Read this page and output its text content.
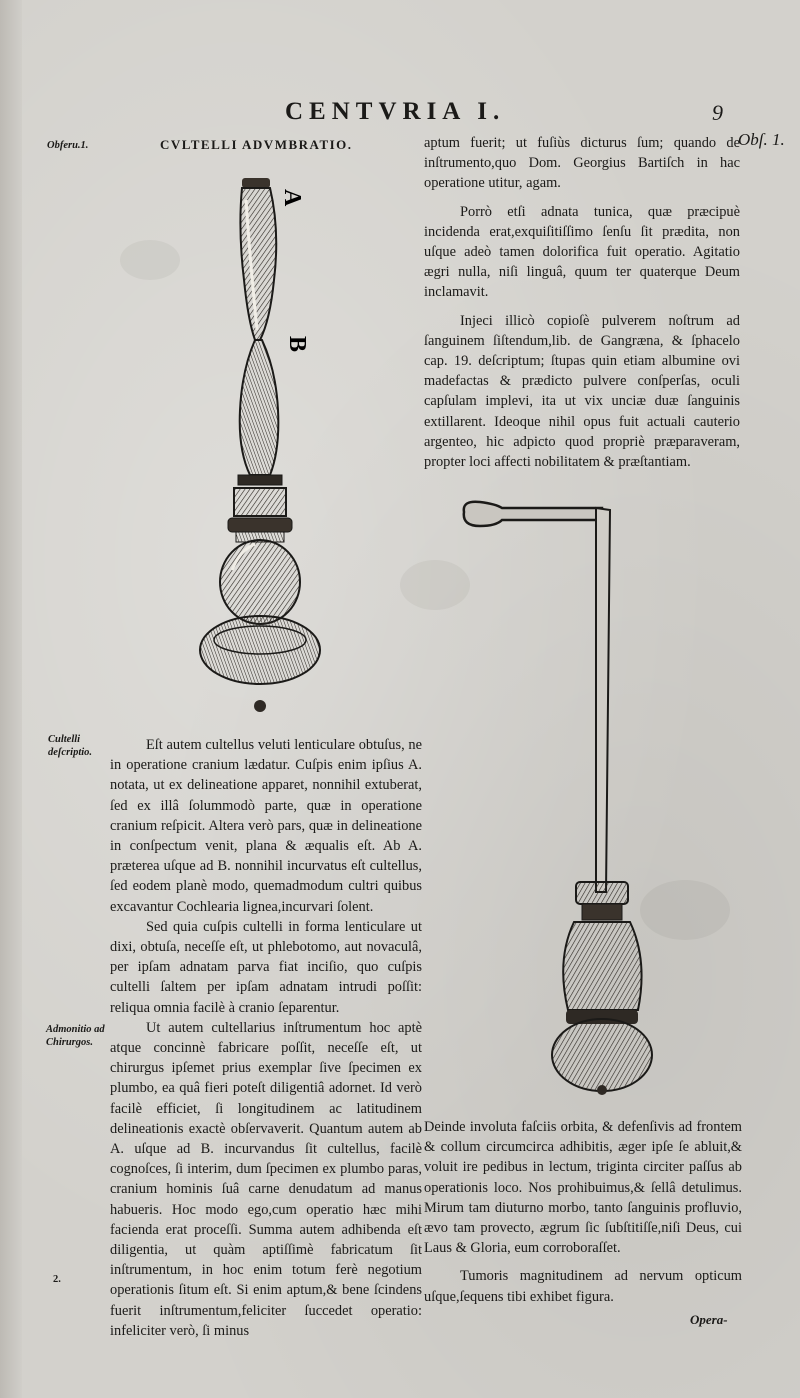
CENTVRIA I.	9
CVLTELLI ADVMBRATIO.
Obferu.1.	Obſ. 1.
Cultelli deſcriptio.
Admonitio ad Chirurgos.
2.
A
B

aptum fuerit; ut fuſiùs dicturus ſum; quando de inſtrumento,quo Dom. Georgius Bartiſch in hac operatione utitur, agam.

Porrò etſi adnata tunica, quæ præcipuè incidenda erat,exquiſitiſſimo ſenſu ſit prædita, non uſque adeò tamen dolorifica fuit operatio. Agitatio ægri nulla, niſi linguâ, quum ter quaterque Deum inclamavit.

Injeci illicò copioſè pulverem noſtrum ad ſanguinem ſiſtendum,lib. de Gangræna, & ſphacelo cap. 19. deſcriptum; ſtupas quin etiam albumine ovi madefactas & prædicto pulvere conſperſas, oculi capſulam implevi, ita ut vix unciæ duæ ſanguinis extillarent. Ideoque nihil opus fuit actuali cauterio argenteo, hic adpicto quod propriè præparaveram, propter loci affecti nobilitatem & præſtantiam.

Eſt autem cultellus veluti lenticulare obtuſus, ne in operatione cranium lædatur. Cuſpis enim ipſius A. notata, ut ex delineatione apparet, nonnihil extuberat, ſed ex illâ ſolummodò parte, quæ in operatione cranium reſpicit. Altera verò pars, quæ in delineatione in conſpectum venit, plana & æqualis eſt. Ab A. præterea uſque ad B. nonnihil incurvatus eſt cultellus, ſed eodem planè modo, quemadmodum cultri quibus excavantur Cochlearia lignea,incurvari ſolent.

Sed quia cuſpis cultelli in forma lenticulare ut dixi, obtuſa, neceſſe eſt, ut phlebotomo, aut novaculâ, per ipſam adnatam parva fiat inciſio, quo cuſpis cultelli ſaltem per ipſam adnatam intrudi poſſit: reliqua omnia facilè à cranio ſeparentur.

Ut autem cultellarius inſtrumentum hoc aptè atque concinnè fabricare poſſit, neceſſe eſt, ut chirurgus ipſemet prius exemplar ſive ſpecimen ex plumbo, ea quâ fieri poteſt diligentiâ adornet. Id verò facilè efficiet, ſi longitudinem ac latitudinem delineationis exactè obſervaverit. Quantum autem ab A. uſque ad B. incurvandus ſit cultellus, facilè cognoſces, ſi interim, dum ſpecimen ex plumbo paras, cranium hominis ſuâ carne denudatum ad manus habueris. Hoc modo ego,cum operatio hæc mihi facienda erat proceſſi. Summa autem adhibenda eſt diligentia, ut quàm aptiſſimè fabricatum ſit inſtrumentum, in hoc enim totum ferè negotium operationis ſitum eſt. Si enim aptum,& bene ſcindens fuerit inſtrumentum,feliciter ſuccedet operatio: infeliciter verò, ſi minus

Deinde involuta faſciis orbita, & defenſivis ad frontem & collum circumcirca adhibitis, æger ipſe ſe abluit,& voluit ire pedibus in lectum, triginta circiter paſſus ab operationis loco. Nos prohibuimus,& ſellâ detulimus. Mirum tam diuturno morbo, tanto ſanguinis profluvio, ævo tam provecto, ægrum ſic ſubſtitiſſe,niſi Deus, cui Laus & Gloria, eum corroboraſſet.

Tumoris magnitudinem ad nervum opticum uſque,ſequens tibi exhibet figura.

Opera-
